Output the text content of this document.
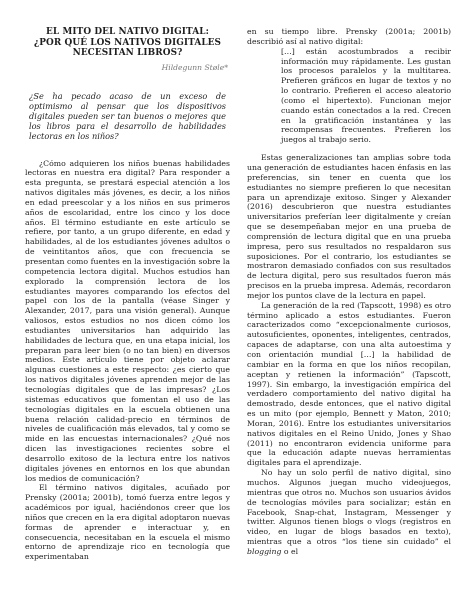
EL MITO DEL NATIVO DIGITAL:
¿POR QUÉ LOS NATIVOS DIGITALES
NECESITAN LIBROS?

Hildegunn Støle*

¿Se ha pecado acaso de un exceso de optimismo al pensar que los dispositivos digitales pueden ser tan buenos o mejores que los libros para el desarrollo de habilidades lectoras en los niños?

¿Cómo adquieren los niños buenas habilidades lectoras en nuestra era digital? Para responder a esta pregunta, se prestará especial atención a los nativos digitales más jóvenes, es decir, a los niños en edad preescolar y a los niños en sus primeros años de escolaridad, entre los cinco y los doce años. El término estudiante en este artículo se refiere, por tanto, a un grupo diferente, en edad y habilidades, al de los estudiantes jóvenes adultos o de veintitantos años, que con frecuencia se presentan como fuentes en la investigación sobre la competencia lectora digital. Muchos estudios han explorado la comprensión lectora de los estudiantes mayores comparando los efectos del papel con los de la pantalla (véase Singer y Alexander, 2017, para una visión general). Aunque valiosos, estos estudios no nos dicen cómo los estudiantes universitarios han adquirido las habilidades de lectura que, en una etapa inicial, los preparan para leer bien (o no tan bien) en diversos medios. Este artículo tiene por objeto aclarar algunas cuestiones a este respecto: ¿es cierto que los nativos digitales jóvenes aprenden mejor de las tecnologías digitales que de las impresas? ¿Los sistemas educativos que fomentan el uso de las tecnologías digitales en la escuela obtienen una buena relación calidad-precio en términos de niveles de cualificación más elevados, tal y como se mide en las encuestas internacionales? ¿Qué nos dicen las investigaciones recientes sobre el desarrollo exitoso de la lectura entre los nativos digitales jóvenes en entornos en los que abundan los medios de comunicación?

El término nativos digitales, acuñado por Prensky (2001a; 2001b), tomó fuerza entre legos y académicos por igual, haciéndonos creer que los niños que crecen en la era digital adoptaron nuevas formas de aprender e interactuar y, en consecuencia, necesitaban en la escuela el mismo entorno de aprendizaje rico en tecnología que experimentaban

en su tiempo libre. Prensky (2001a; 2001b) describió así al nativo digital:

[…] están acostumbrados a recibir información muy rápidamente. Les gustan los procesos paralelos y la multitarea. Prefieren gráficos en lugar de textos y no lo contrario. Prefieren el acceso aleatorio (como el hipertexto). Funcionan mejor cuando están conectados a la red. Crecen en la gratificación instantánea y las recompensas frecuentes. Prefieren los juegos al trabajo serio.

Estas generalizaciones tan amplias sobre toda una generación de estudiantes hacen énfasis en las preferencias, sin tener en cuenta que los estudiantes no siempre prefieren lo que necesitan para un aprendizaje exitoso. Singer y Alexander (2016) descubrieron que nuestra estudiantes universitarios preferían leer digitalmente y creían que se desempeñaban mejor en una prueba de comprensión de lectura digital que en una prueba impresa, pero sus resultados no respaldaron sus suposiciones. Por el contrario, los estudiantes se mostraron demasiado confiados con sus resultados de lectura digital, pero sus resultados fueron más precisos en la prueba impresa. Además, recordaron mejor los puntos clave de la lectura en papel.

La generación de la red (Tapscott, 1998) es otro término aplicado a estos estudiantes. Fueron caracterizados como “excepcionalmente curiosos, autosuficientes, oponentes, inteligentes, centrados, capaces de adaptarse, con una alta autoestima y con orientación mundial […] la habilidad de cambiar en la forma en que los niños recopilan, aceptan y retienen la información” (Tapscott, 1997). Sin embargo, la investigación empírica del verdadero comportamiento del nativo digital ha demostrado, desde entonces, que el nativo digital es un mito (por ejemplo, Bennett y Maton, 2010; Moran, 2016). Entre los estudiantes universitarios nativos digitales en el Reino Unido, Jones y Shao (2011) no encontraron evidencia uniforme para que la educación adapte nuevas herramientas digitales para el aprendizaje.

No hay un solo perfil de nativo digital, sino muchos. Algunos juegan mucho videojuegos, mientras que otros no. Muchos son usuarios ávidos de tecnologías móviles para socializar; están en Facebook, Snap-chat, Instagram, Messenger y twitter. Algunos tienen blogs o vlogs (registros en video, en lugar de blogs basados en texto), mientras que a otros “los tiene sin cuidado” el blogging o el
